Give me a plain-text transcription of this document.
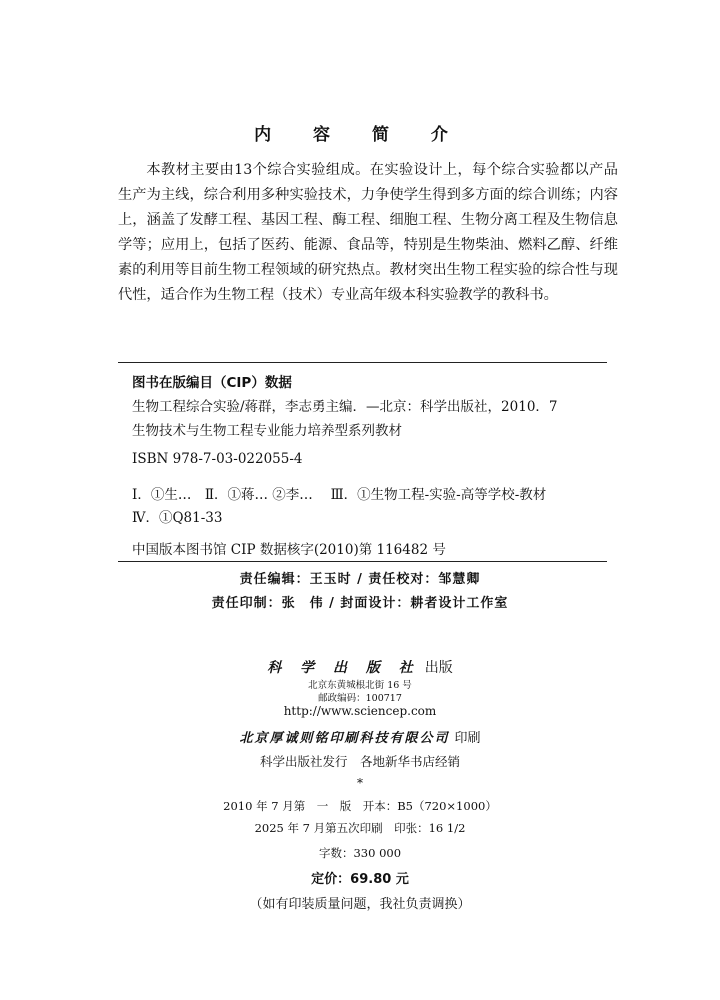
内 容 简 介
本教材主要由13个综合实验组成。在实验设计上，每个综合实验都以产品生产为主线，综合利用多种实验技术，力争使学生得到多方面的综合训练；内容上，涵盖了发酵工程、基因工程、酶工程、细胞工程、生物分离工程及生物信息学等；应用上，包括了医药、能源、食品等，特别是生物柴油、燃料乙醇、纤维素的利用等目前生物工程领域的研究热点。教材突出生物工程实验的综合性与现代性，适合作为生物工程（技术）专业高年级本科实验教学的教科书。
图书在版编目（CIP）数据
生物工程综合实验/蒋群，李志勇主编．—北京：科学出版社，2010．7
生物技术与生物工程专业能力培养型系列教材
ISBN 978-7-03-022055-4
Ⅰ．①生…　Ⅱ．①蒋… ②李…　 Ⅲ．①生物工程-实验-高等学校-教材
Ⅳ．①Q81-33
中国版本图书馆 CIP 数据核字(2010)第 116482 号
责任编辑：王玉时 / 责任校对：邹慧卿
责任印制：张　伟 / 封面设计：耕者设计工作室
科 学 出 版 社 出版
北京东黄城根北街 16 号
邮政编码：100717
http://www.sciencep.com
北京厚诚则铭印刷科技有限公司 印刷
科学出版社发行　各地新华书店经销
*
2010 年 7 月第　一　版　开本：B5（720×1000）
2025 年 7 月第五次印刷　印张：16 1/2
字数：330 000
定价：69.80 元
（如有印装质量问题，我社负责调换）
